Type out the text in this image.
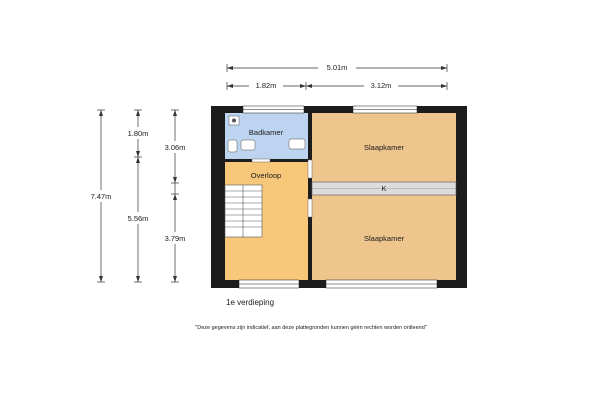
5.01m
1.82m	3.12m
7.47m
1.80m
5.56m
3.06m
3.79m
K
Badkamer
Overloop
Slaapkamer
Slaapkamer
1e verdieping
"Deze gegevens zijn indicatief, aan deze plattegronden kunnen géén rechten worden ontleend"
